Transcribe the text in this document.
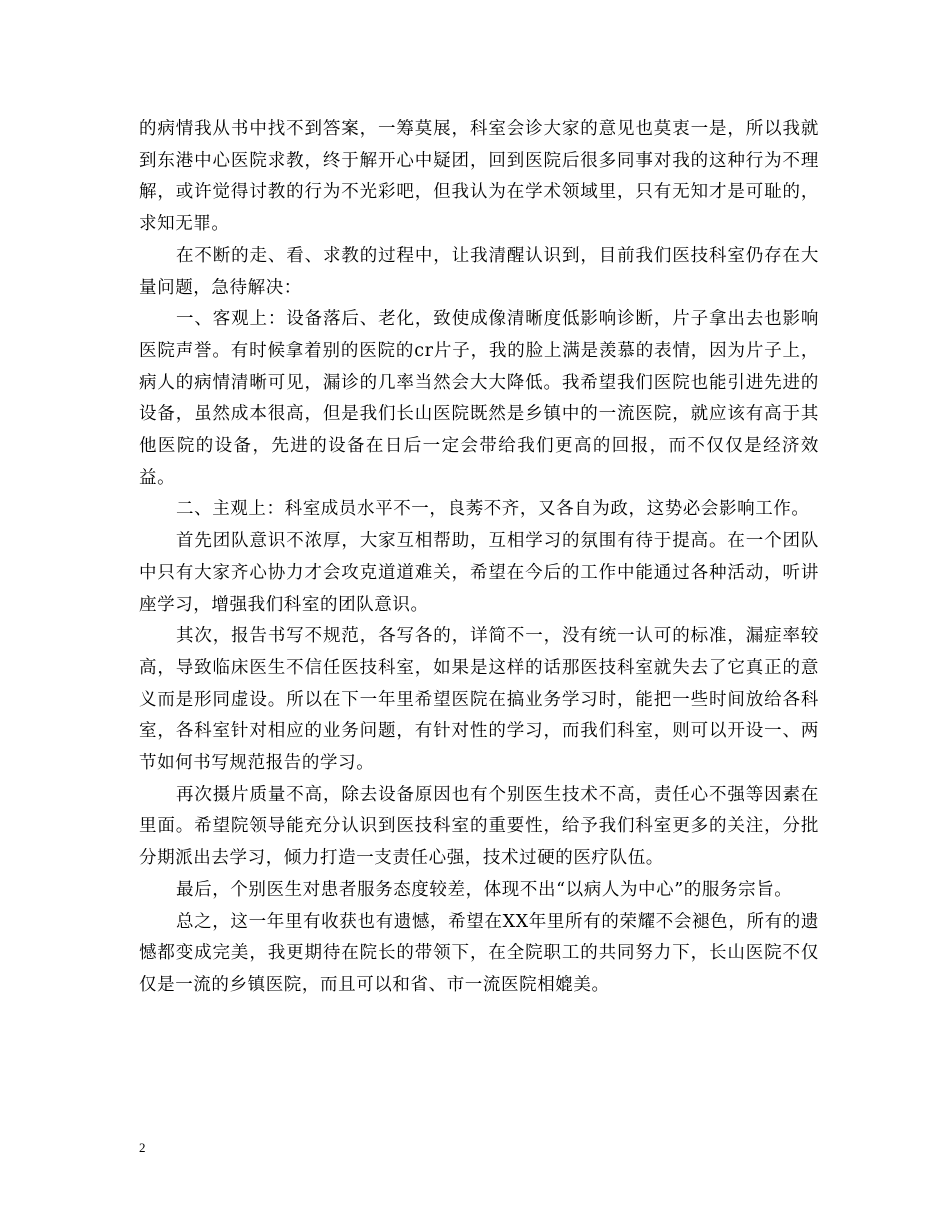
的病情我从书中找不到答案，一筹莫展，科室会诊大家的意见也莫衷一是，所以我就到东港中心医院求教，终于解开心中疑团，回到医院后很多同事对我的这种行为不理解，或许觉得讨教的行为不光彩吧，但我认为在学术领域里，只有无知才是可耻的，求知无罪。

在不断的走、看、求教的过程中，让我清醒认识到，目前我们医技科室仍存在大量问题，急待解决：

一、客观上：设备落后、老化，致使成像清晰度低影响诊断，片子拿出去也影响医院声誉。有时候拿着别的医院的cr片子，我的脸上满是羡慕的表情，因为片子上，病人的病情清晰可见，漏诊的几率当然会大大降低。我希望我们医院也能引进先进的设备，虽然成本很高，但是我们长山医院既然是乡镇中的一流医院，就应该有高于其他医院的设备，先进的设备在日后一定会带给我们更高的回报，而不仅仅是经济效益。

二、主观上：科室成员水平不一，良莠不齐，又各自为政，这势必会影响工作。

首先团队意识不浓厚，大家互相帮助，互相学习的氛围有待于提高。在一个团队中只有大家齐心协力才会攻克道道难关，希望在今后的工作中能通过各种活动，听讲座学习，增强我们科室的团队意识。

其次，报告书写不规范，各写各的，详简不一，没有统一认可的标准，漏症率较高，导致临床医生不信任医技科室，如果是这样的话那医技科室就失去了它真正的意义而是形同虚设。所以在下一年里希望医院在搞业务学习时，能把一些时间放给各科室，各科室针对相应的业务问题，有针对性的学习，而我们科室，则可以开设一、两节如何书写规范报告的学习。

再次摄片质量不高，除去设备原因也有个别医生技术不高，责任心不强等因素在里面。希望院领导能充分认识到医技科室的重要性，给予我们科室更多的关注，分批分期派出去学习，倾力打造一支责任心强，技术过硬的医疗队伍。

最后，个别医生对患者服务态度较差，体现不出“以病人为中心”的服务宗旨。

总之，这一年里有收获也有遗憾，希望在XX年里所有的荣耀不会褪色，所有的遗憾都变成完美，我更期待在院长的带领下，在全院职工的共同努力下，长山医院不仅仅是一流的乡镇医院，而且可以和省、市一流医院相媲美。

2
